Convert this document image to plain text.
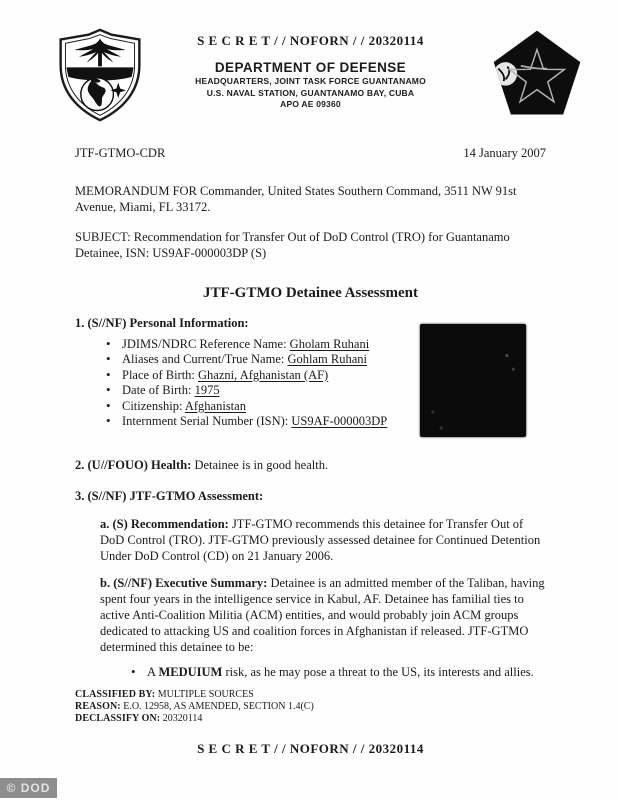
S E C R E T / / NOFORN / / 20320114
DEPARTMENT OF DEFENSE
HEADQUARTERS, JOINT TASK FORCE GUANTANAMO
U.S. NAVAL STATION, GUANTANAMO BAY, CUBA
APO AE 09360
JTF-GTMO-CDR	14 January 2007

MEMORANDUM FOR Commander, United States Southern Command, 3511 NW 91st Avenue, Miami, FL 33172.

SUBJECT: Recommendation for Transfer Out of DoD Control (TRO) for Guantanamo Detainee, ISN: US9AF-000003DP (S)

JTF-GTMO Detainee Assessment
1. (S//NF) Personal Information:
• JDIMS/NDRC Reference Name: Gholam Ruhani
• Aliases and Current/True Name: Gohlam Ruhani
• Place of Birth: Ghazni, Afghanistan (AF)
• Date of Birth: 1975
• Citizenship: Afghanistan
• Internment Serial Number (ISN): US9AF-000003DP

2. (U//FOUO) Health: Detainee is in good health.

3. (S//NF) JTF-GTMO Assessment:

a. (S) Recommendation: JTF-GTMO recommends this detainee for Transfer Out of DoD Control (TRO). JTF-GTMO previously assessed detainee for Continued Detention Under DoD Control (CD) on 21 January 2006.

b. (S//NF) Executive Summary: Detainee is an admitted member of the Taliban, having spent four years in the intelligence service in Kabul, AF. Detainee has familial ties to active Anti-Coalition Militia (ACM) entities, and would probably join ACM groups dedicated to attacking US and coalition forces in Afghanistan if released. JTF-GTMO determined this detainee to be:

• A MEDUIUM risk, as he may pose a threat to the US, its interests and allies.
CLASSIFIED BY: MULTIPLE SOURCES
REASON: E.O. 12958, AS AMENDED, SECTION 1.4(C)
DECLASSIFY ON: 20320114
S E C R E T / / NOFORN / / 20320114
© DOD
